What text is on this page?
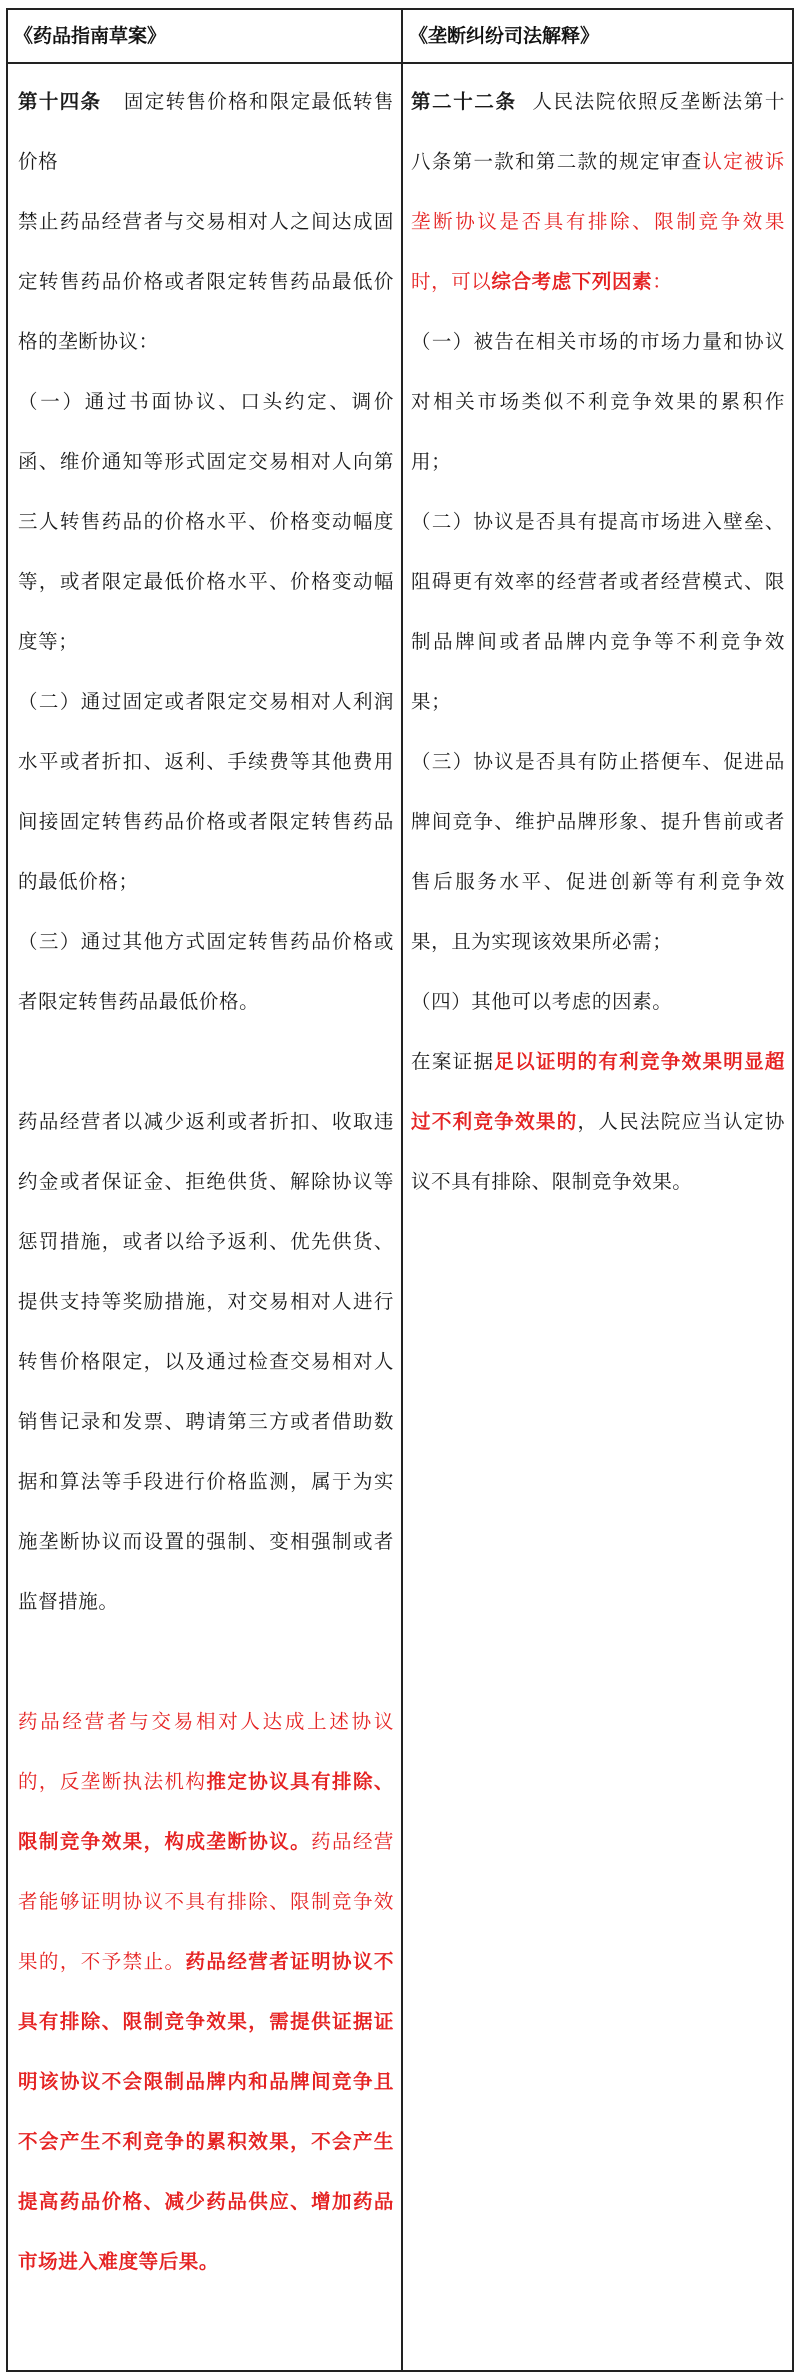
《药品指南草案》	《垄断纠纷司法解释》

第十四条 固定转售价格和限定最低转售价格

禁止药品经营者与交易相对人之间达成固定转售药品价格或者限定转售药品最低价格的垄断协议：

（一）通过书面协议、口头约定、调价函、维价通知等形式固定交易相对人向第三人转售药品的价格水平、价格变动幅度等，或者限定最低价格水平、价格变动幅度等；

（二）通过固定或者限定交易相对人利润水平或者折扣、返利、手续费等其他费用间接固定转售药品价格或者限定转售药品的最低价格；

（三）通过其他方式固定转售药品价格或者限定转售药品最低价格。

药品经营者以减少返利或者折扣、收取违约金或者保证金、拒绝供货、解除协议等惩罚措施，或者以给予返利、优先供货、提供支持等奖励措施，对交易相对人进行转售价格限定，以及通过检查交易相对人销售记录和发票、聘请第三方或者借助数据和算法等手段进行价格监测，属于为实施垄断协议而设置的强制、变相强制或者监督措施。

药品经营者与交易相对人达成上述协议的，反垄断执法机构推定协议具有排除、限制竞争效果，构成垄断协议。药品经营者能够证明协议不具有排除、限制竞争效果的，不予禁止。药品经营者证明协议不具有排除、限制竞争效果，需提供证据证明该协议不会限制品牌内和品牌间竞争且不会产生不利竞争的累积效果，不会产生提高药品价格、减少药品供应、增加药品市场进入难度等后果。

第二十二条 人民法院依照反垄断法第十八条第一款和第二款的规定审查认定被诉垄断协议是否具有排除、限制竞争效果时，可以综合考虑下列因素：

（一）被告在相关市场的市场力量和协议对相关市场类似不利竞争效果的累积作用；

（二）协议是否具有提高市场进入壁垒、阻碍更有效率的经营者或者经营模式、限制品牌间或者品牌内竞争等不利竞争效果；

（三）协议是否具有防止搭便车、促进品牌间竞争、维护品牌形象、提升售前或者售后服务水平、促进创新等有利竞争效果，且为实现该效果所必需；

（四）其他可以考虑的因素。

在案证据足以证明的有利竞争效果明显超过不利竞争效果的，人民法院应当认定协议不具有排除、限制竞争效果。
